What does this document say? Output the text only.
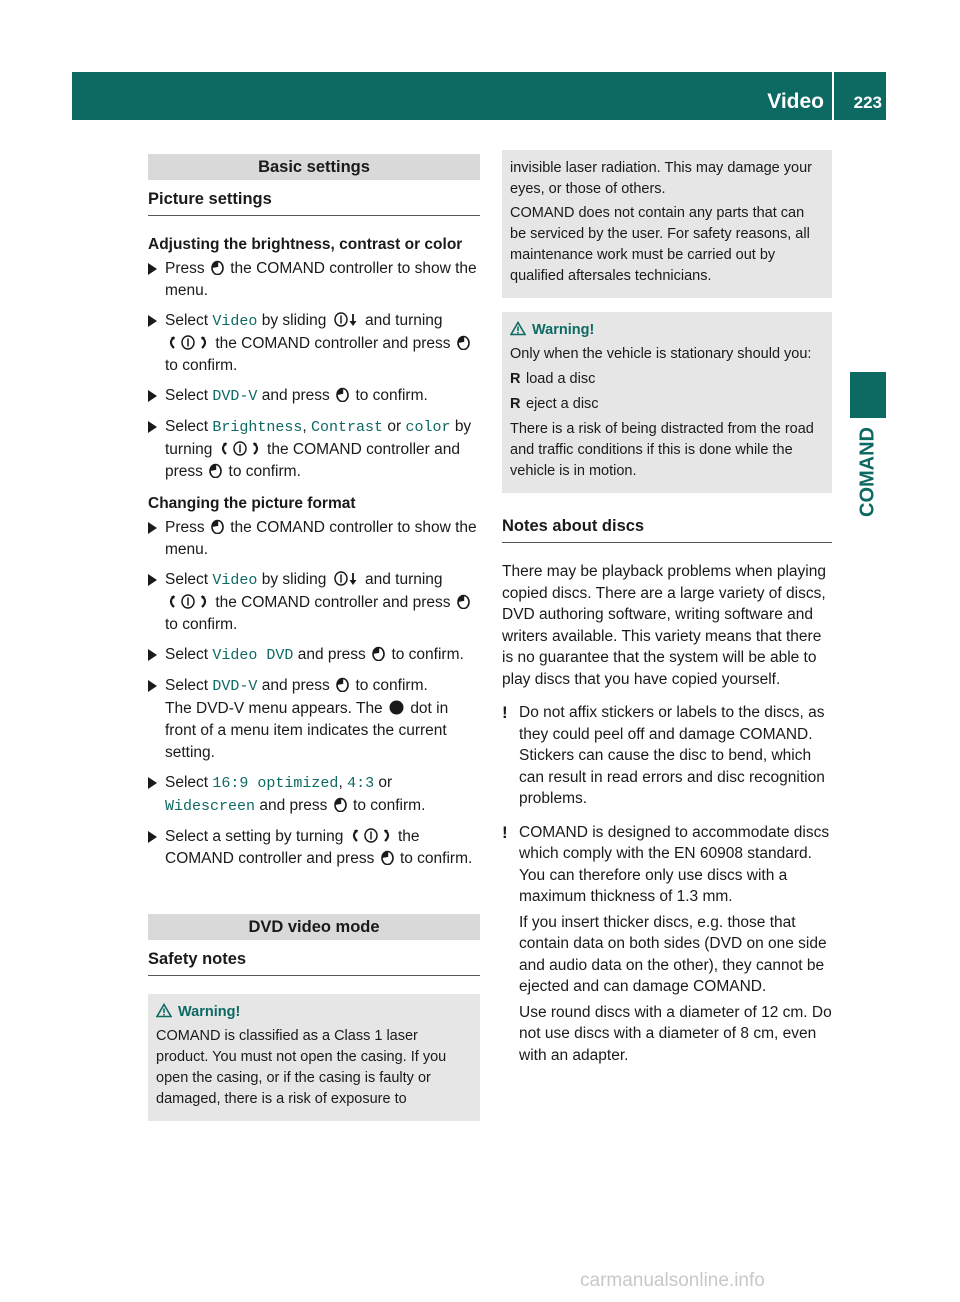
Video 223
COMAND
Basic settings
Picture settings
Adjusting the brightness, contrast or color
Press the COMAND controller to show the menu.
Select Video by sliding and turning  the COMAND controller and press  to confirm.
Select DVD-V and press to confirm.
Select Brightness, Contrast or color by turning	the COMAND controller and press to confirm.
Changing the picture format
Press the COMAND controller to show the menu.
Select Video by sliding and turning  the COMAND controller and press  to confirm.
Select Video DVD and press to confirm.
Select DVD-V and press to confirm.
The DVD-V menu appears. The dot in front of a menu item indicates the current setting.
Select 16:9 optimized, 4:3 or Widescreen and press to confirm.
Select a setting by turning	the COMAND controller and press to confirm.
DVD video mode
Safety notes
Warning!

COMAND is classified as a Class 1 laser product. You must not open the casing. If you open the casing, or if the casing is faulty or damaged, there is a risk of exposure to

invisible laser radiation. This may damage your eyes, or those of others.

COMAND does not contain any parts that can be serviced by the user. For safety reasons, all maintenance work must be carried out by qualified aftersales technicians.

Warning!

Only when the vehicle is stationary should you:

R load a disc
R eject a disc

There is a risk of being distracted from the road and traffic conditions if this is done while the vehicle is in motion.

Notes about discs

There may be playback problems when playing copied discs. There are a large variety of discs, DVD authoring software, writing software and writers available. This variety means that there is no guarantee that the system will be able to play discs that you have copied yourself.

! Do not affix stickers or labels to the discs, as they could peel off and damage COMAND. Stickers can cause the disc to bend, which can result in read errors and disc recognition problems.

! COMAND is designed to accommodate discs which comply with the EN 60908 standard. You can therefore only use discs with a maximum thickness of 1.3 mm.

If you insert thicker discs, e.g. those that contain data on both sides (DVD on one side and audio data on the other), they cannot be ejected and can damage COMAND.

Use round discs with a diameter of 12 cm. Do not use discs with a diameter of 8 cm, even with an adapter.

carmanualsonline.info
